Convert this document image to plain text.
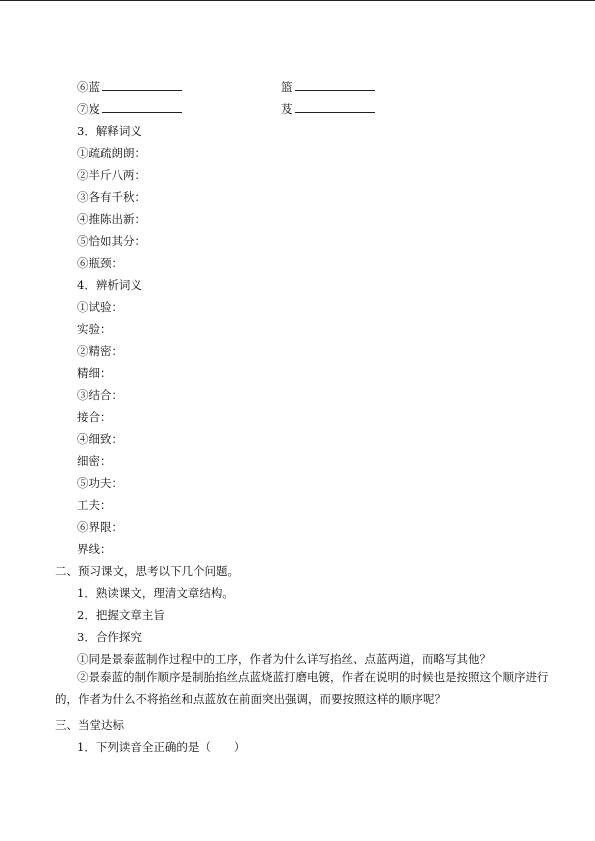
⑥蓝	篮
⑦岌	芨
3．解释词义
①疏疏朗朗：
②半斤八两：
③各有千秋：
④推陈出新：
⑤恰如其分：
⑥瓶颈：
4．辨析词义
①试验：
实验：
②精密：
精细：
③结合：
接合：
④细致：
细密：
⑤功夫：
工夫：
⑥界限：
界线：
二、预习课文，思考以下几个问题。
1．熟读课文，理清文章结构。
2．把握文章主旨
3．合作探究
①同是景泰蓝制作过程中的工序，作者为什么详写掐丝、点蓝两道，而略写其他？
②景泰蓝的制作顺序是制胎掐丝点蓝烧蓝打磨电镀，作者在说明的时候也是按照这个顺序进行的，作者为什么不将掐丝和点蓝放在前面突出强调，而要按照这样的顺序呢？
三、当堂达标
1．下列读音全正确的是（　　）
